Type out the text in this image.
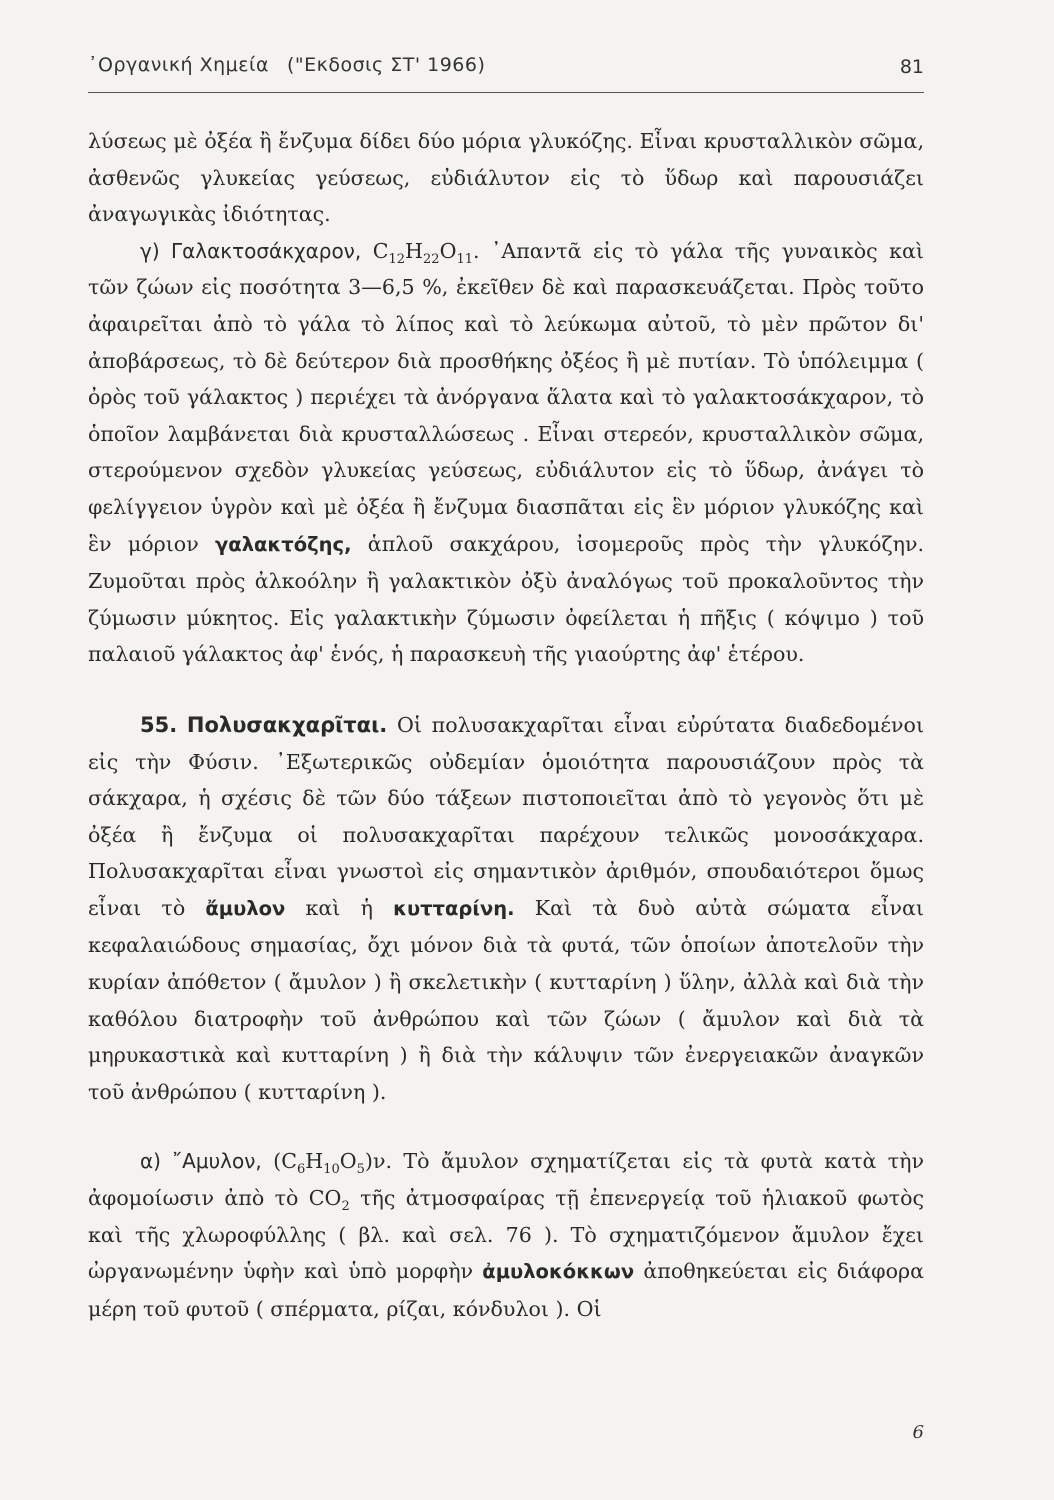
᾿Οργανική Χημεία ("Εκδοσις ΣΤ' 1966)	81

λύσεως μὲ ὀξέα ἢ ἔνζυμα δίδει δύο μόρια γλυκόζης. Εἶναι κρυσταλλικὸν σῶμα, ἀσθενῶς γλυκείας γεύσεως, εὐδιάλυτον εἰς τὸ ὕδωρ καὶ παρουσιάζει ἀναγωγικὰς ἰδιότητας.

γ) Γαλακτοσάκχαρον, $C_{12}H_{22}O_{11}$. ᾿Απαντᾶ εἰς τὸ γάλα τῆς γυναικὸς καὶ τῶν ζώων εἰς ποσότητα 3—6,5 %, ἐκεῖθεν δὲ καὶ παρασκευάζεται. Πρὸς τοῦτο ἀφαιρεῖται ἀπὸ τὸ γάλα τὸ λίπος καὶ τὸ λεύκωμα αὐτοῦ, τὸ μὲν πρῶτον δι' ἀποβάρσεως, τὸ δὲ δεύτερον διὰ προσθήκης ὀξέος ἢ μὲ πυτίαν. Τὸ ὑπόλειμμα ( ὀρὸς τοῦ γάλακτος ) περιέχει τὰ ἀνόργανα ἅλατα καὶ τὸ γαλακτοσάκχαρον, τὸ ὁποῖον λαμβάνεται διὰ κρυσταλλώσεως . Εἶναι στερεόν, κρυσταλλικὸν σῶμα, στερούμενον σχεδὸν γλυκείας γεύσεως, εὐδιάλυτον εἰς τὸ ὕδωρ, ἀνάγει τὸ φελίγγειον ὑγρὸν καὶ μὲ ὀξέα ἢ ἔνζυμα διασπᾶται εἰς ἓν μόριον γλυκόζης καὶ ἓν μόριον γαλακτόζης, ἁπλοῦ σακχάρου, ἰσομεροῦς πρὸς τὴν γλυκόζην. Ζυμοῦται πρὸς ἀλκοόλην ἢ γαλακτικὸν ὀξὺ ἀναλόγως τοῦ προκαλοῦντος τὴν ζύμωσιν μύκητος. Εἰς γαλακτικὴν ζύμωσιν ὀφείλεται ἡ πῆξις ( κόψιμο ) τοῦ παλαιοῦ γάλακτος ἀφ' ἑνός, ἡ παρασκευὴ τῆς γιαούρτης ἀφ' ἑτέρου.

55. Πολυσακχαρῖται. Οἱ πολυσακχαρῖται εἶναι εὐρύτατα διαδεδομένοι εἰς τὴν Φύσιν. ᾿Εξωτερικῶς οὐδεμίαν ὁμοιότητα παρουσιάζουν πρὸς τὰ σάκχαρα, ἡ σχέσις δὲ τῶν δύο τάξεων πιστοποιεῖται ἀπὸ τὸ γεγονὸς ὅτι μὲ ὀξέα ἢ ἔνζυμα οἱ πολυσακχαρῖται παρέχουν τελικῶς μονοσάκχαρα. Πολυσακχαρῖται εἶναι γνωστοὶ εἰς σημαντικὸν ἀριθμόν, σπουδαιότεροι ὅμως εἶναι τὸ ἄμυλον καὶ ἡ κυτταρίνη. Καὶ τὰ δυὸ αὐτὰ σώματα εἶναι κεφαλαιώδους σημασίας, ὄχι μόνον διὰ τὰ φυτά, τῶν ὁποίων ἀποτελοῦν τὴν κυρίαν ἀπόθετον ( ἄμυλον ) ἢ σκελετικὴν ( κυτταρίνη ) ὕλην, ἀλλὰ καὶ διὰ τὴν καθόλου διατροφὴν τοῦ ἀνθρώπου καὶ τῶν ζώων ( ἄμυλον καὶ διὰ τὰ μηρυκαστικὰ καὶ κυτταρίνη ) ἢ διὰ τὴν κάλυψιν τῶν ἐνεργειακῶν ἀναγκῶν τοῦ ἀνθρώπου ( κυτταρίνη ).

α) ῎Αμυλον, $(C_6H_{10}O_5)\nu$. Τὸ ἄμυλον σχηματίζεται εἰς τὰ φυτὰ κατὰ τὴν ἀφομοίωσιν ἀπὸ τὸ $CO_2$ τῆς ἀτμοσφαίρας τῇ ἐπενεργείᾳ τοῦ ἡλιακοῦ φωτὸς καὶ τῆς χλωροφύλλης ( βλ. καὶ σελ. 76 ). Τὸ σχηματιζόμενον ἄμυλον ἔχει ὠργανωμένην ὑφὴν καὶ ὑπὸ μορφὴν ἀμυλοκόκκων ἀποθηκεύεται εἰς διάφορα μέρη τοῦ φυτοῦ ( σπέρματα, ρίζαι, κόνδυλοι ). Οἱ

6
